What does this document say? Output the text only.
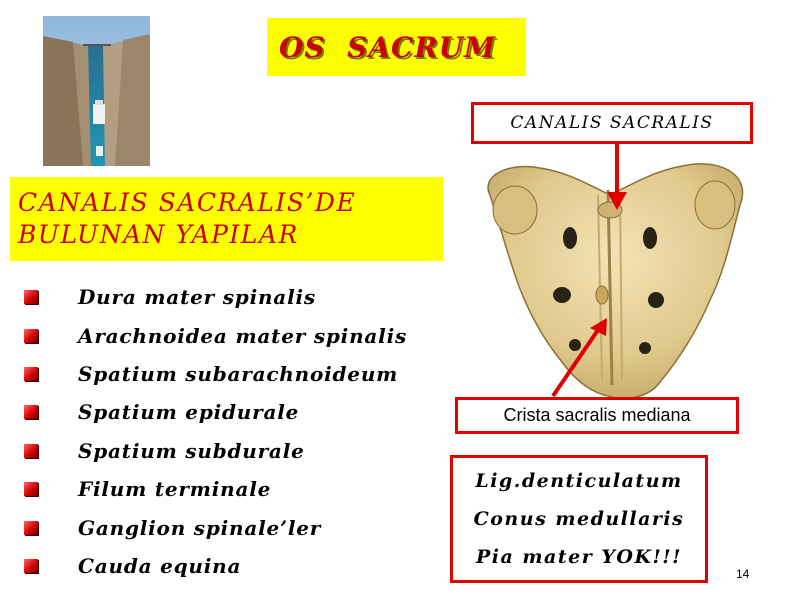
OS  SACRUM
CANALIS SACRALIS’DE
BULUNAN YAPILAR
Dura mater spinalis
Arachnoidea mater spinalis
Spatium subarachnoideum
Spatium epidurale
Spatium subdurale
Filum terminale
Ganglion spinale’ler
Cauda equina
CANALIS SACRALIS
Crista sacralis mediana
Lig.denticulatum
Conus medullaris
Pia mater YOK!!!
14
